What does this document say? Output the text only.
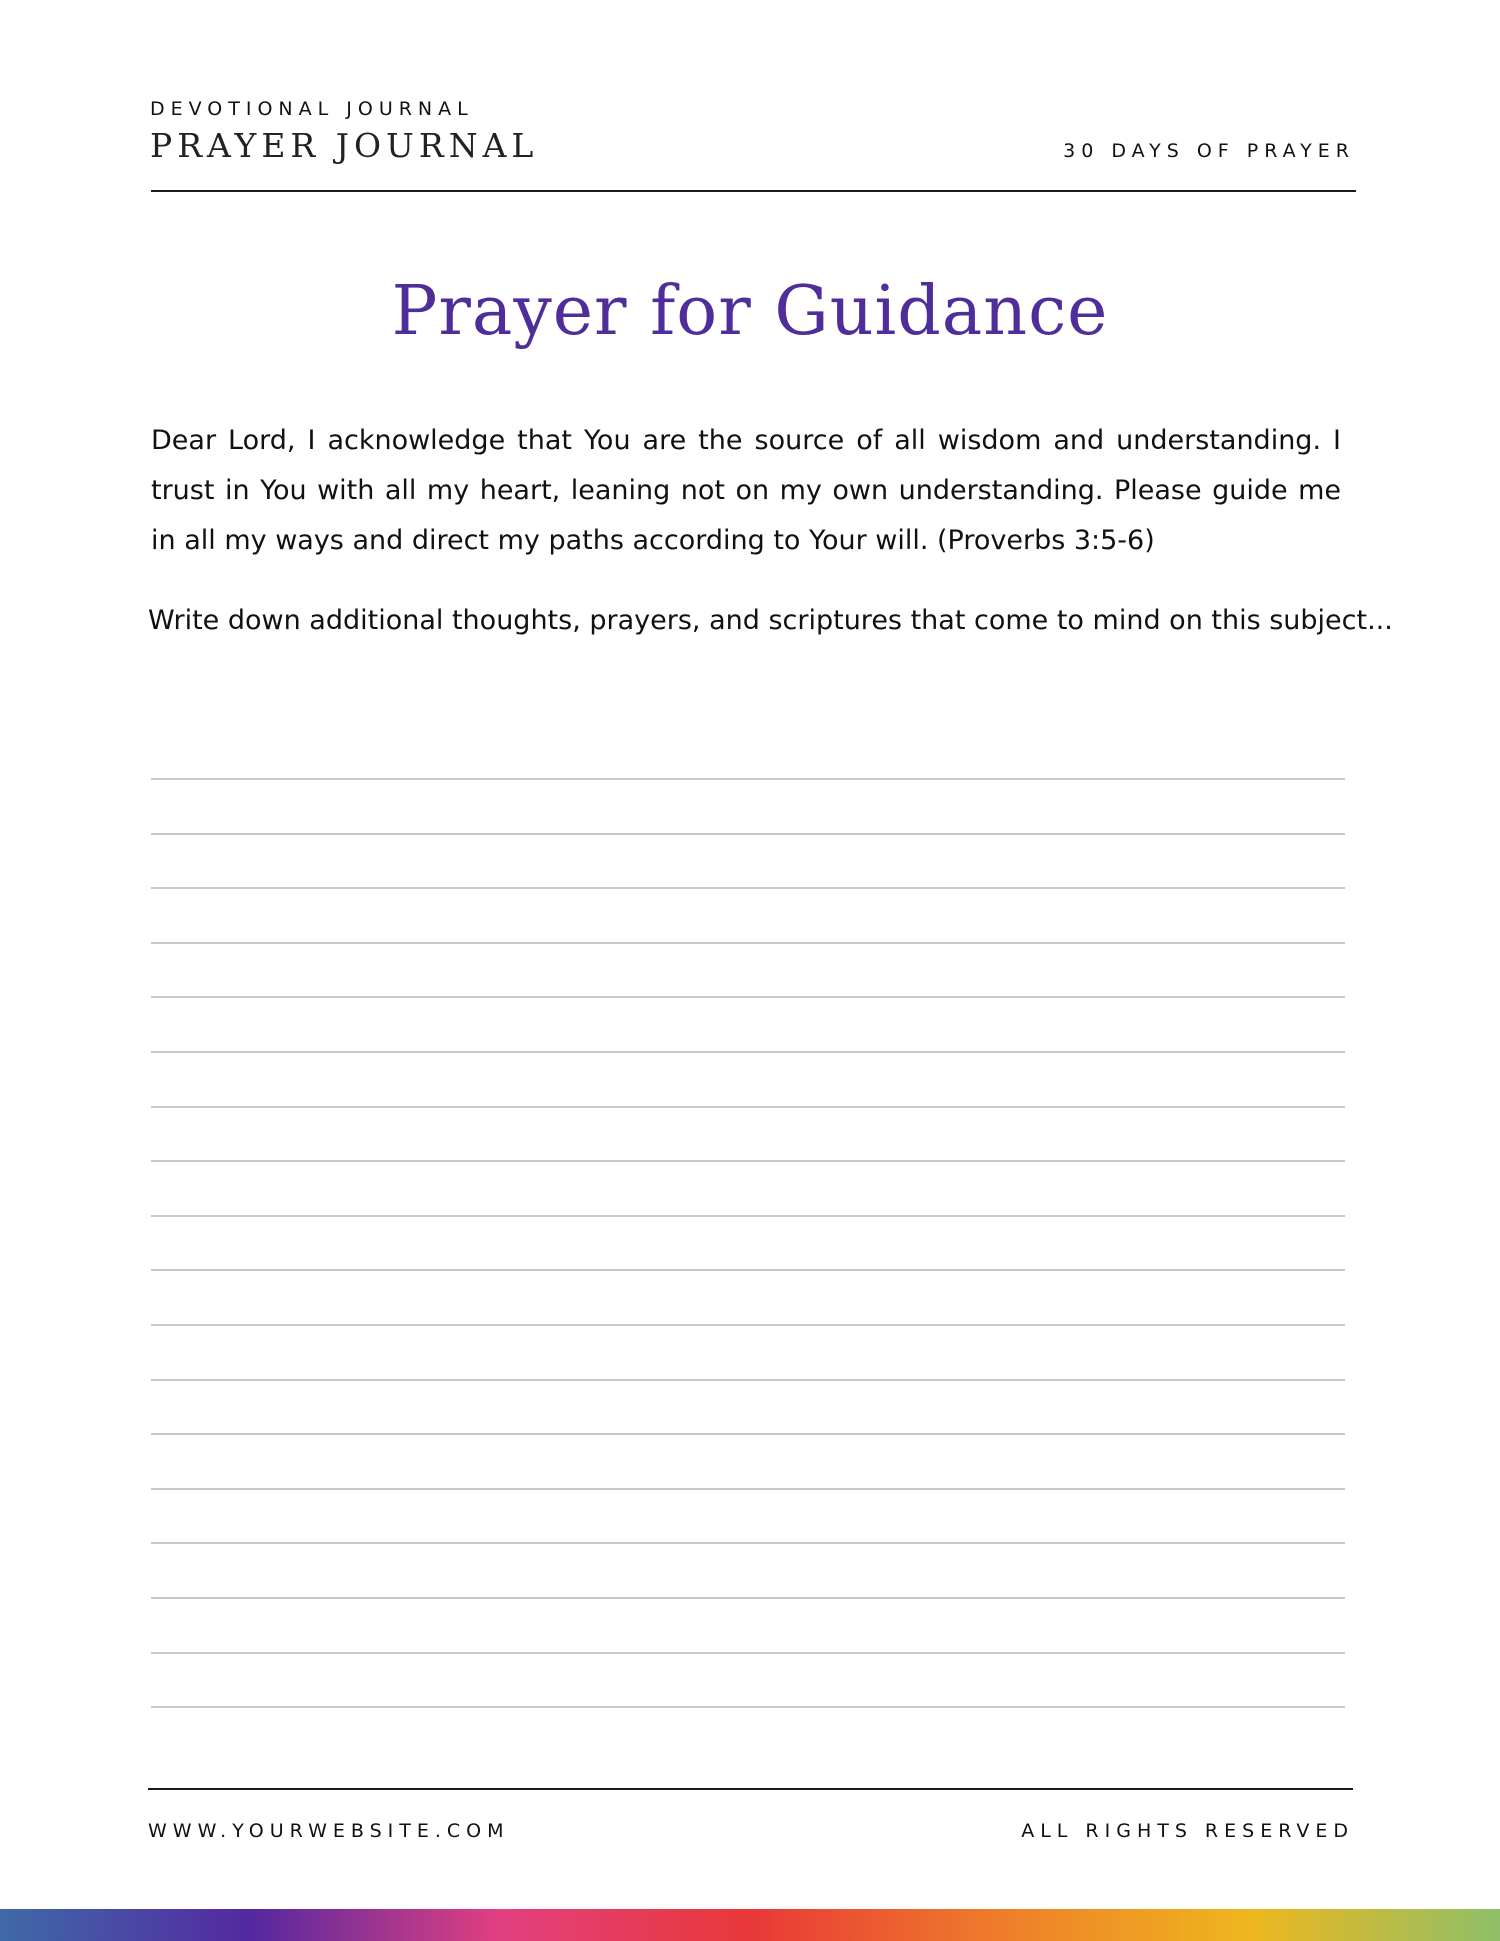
DEVOTIONAL JOURNAL
PRAYER JOURNAL	30 DAYS OF PRAYER
Prayer for Guidance

Dear Lord, I acknowledge that You are the source of all wisdom and understanding. I trust in You with all my heart, leaning not on my own understanding. Please guide me in all my ways and direct my paths according to Your will. (Proverbs 3:5-6)

Write down additional thoughts, prayers, and scriptures that come to mind on this subject...

WWW.YOURWEBSITE.COM	ALL RIGHTS RESERVED
